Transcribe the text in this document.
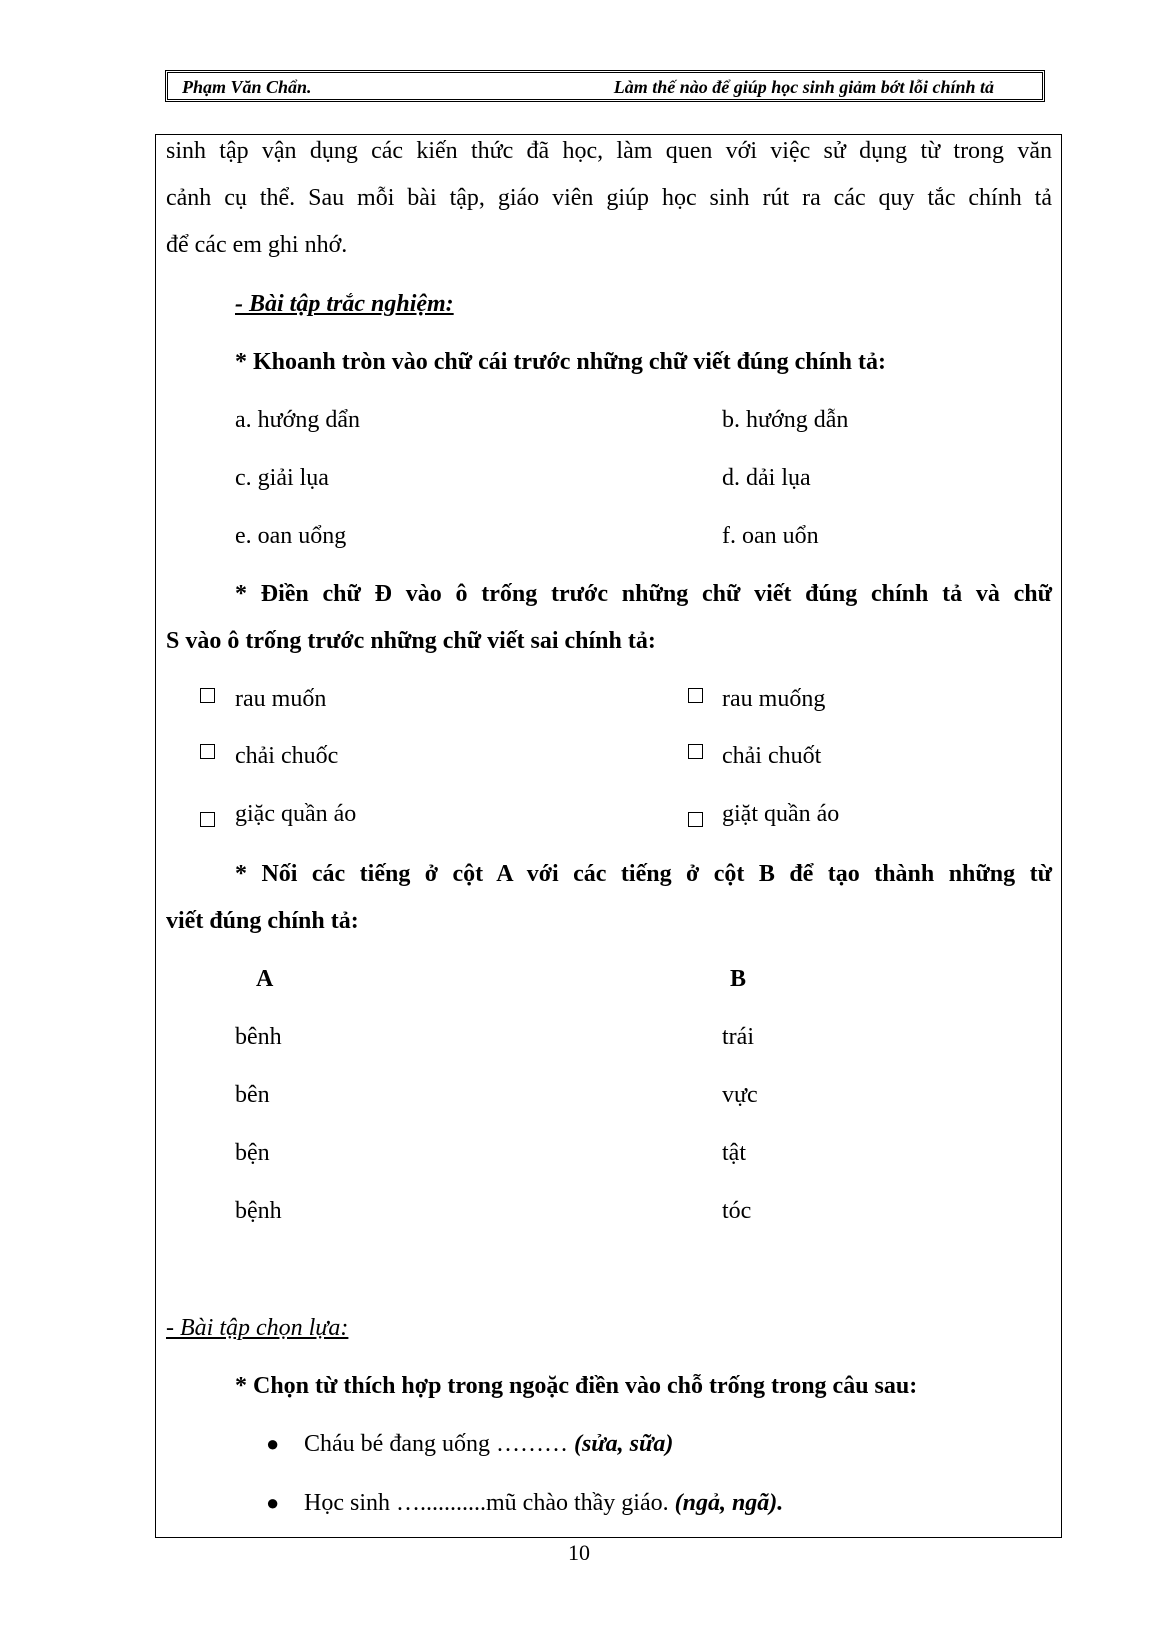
Phạm Văn Chẩn.	Làm thế nào để giúp học sinh giảm bớt lỗi chính tả
sinh tập vận dụng các kiến thức đã học, làm quen với việc sử dụng từ trong văn
cảnh cụ thể. Sau mỗi bài tập, giáo viên giúp học sinh rút ra các quy tắc chính tả
để các em ghi nhớ.
- Bài tập trắc nghiệm:
* Khoanh tròn vào chữ cái trước những chữ viết đúng chính tả:
a. hướng dẩn	b. hướng dẫn
c. giải lụa	d. dải lụa
e. oan uổng	f. oan uổn
* Điền chữ Đ vào ô trống trước những chữ viết đúng chính tả và chữ
S vào ô trống trước những chữ viết sai chính tả:
rau muốn	rau muống
chải chuốc	chải chuốt
giặc quần áo	giặt quần áo
* Nối các tiếng ở cột A với các tiếng ở cột B để tạo thành những từ
viết đúng chính tả:
A	B
bênh	trái
bên	vực
bện	tật
bệnh	tóc
- Bài tập chọn lựa:
* Chọn từ thích hợp trong ngoặc điền vào chỗ trống trong câu sau:
● Cháu bé đang uống ……… (sửa, sữa)
● Học sinh …...........mũ chào thầy giáo. (ngả, ngã).
10
